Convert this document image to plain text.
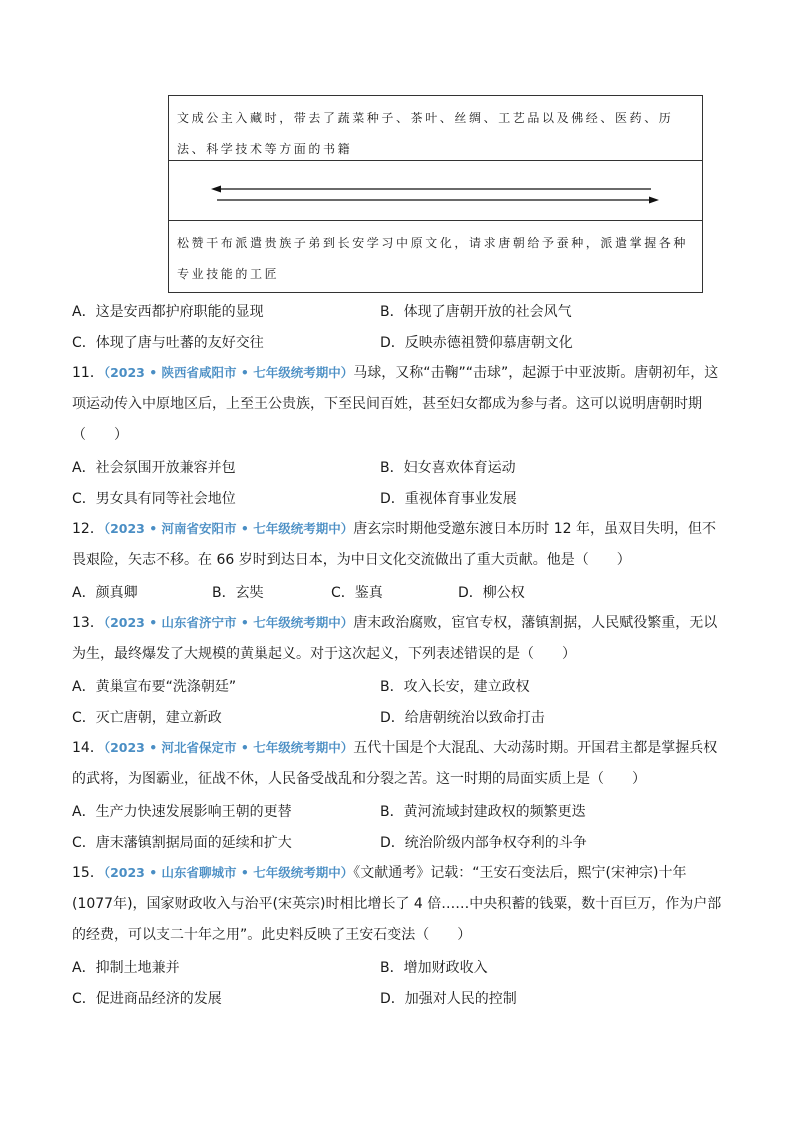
文成公主入藏时，带去了蔬菜种子、茶叶、丝绸、工艺品以及佛经、医药、历法、科学技术等方面的书籍
松赞干布派遣贵族子弟到长安学习中原文化，请求唐朝给予蚕种，派遣掌握各种专业技能的工匠
A．这是安西都护府职能的显现	B．体现了唐朝开放的社会风气
C．体现了唐与吐蕃的友好交往	D．反映赤德祖赞仰慕唐朝文化
11．（2023 • 陕西省咸阳市 • 七年级统考期中）马球，又称“击鞠”“击球”，起源于中亚波斯。唐朝初年，这项运动传入中原地区后，上至王公贵族，下至民间百姓，甚至妇女都成为参与者。这可以说明唐朝时期（　　）
A．社会氛围开放兼容并包	B．妇女喜欢体育运动
C．男女具有同等社会地位	D．重视体育事业发展
12．（2023 • 河南省安阳市 • 七年级统考期中）唐玄宗时期他受邀东渡日本历时 12 年，虽双目失明，但不畏艰险，矢志不移。在 66 岁时到达日本，为中日文化交流做出了重大贡献。他是（　　）
A．颜真卿	B．玄奘	C．鉴真	D．柳公权
13．（2023 • 山东省济宁市 • 七年级统考期中）唐末政治腐败，宦官专权，藩镇割据，人民赋役繁重，无以为生，最终爆发了大规模的黄巢起义。对于这次起义，下列表述错误的是（　　）
A．黄巢宣布要“洗涤朝廷”	B．攻入长安，建立政权
C．灭亡唐朝，建立新政	D．给唐朝统治以致命打击
14．（2023 • 河北省保定市 • 七年级统考期中）五代十国是个大混乱、大动荡时期。开国君主都是掌握兵权的武将，为图霸业，征战不休，人民备受战乱和分裂之苦。这一时期的局面实质上是（　　）
A．生产力快速发展影响王朝的更替	B．黄河流域封建政权的频繁更迭
C．唐末藩镇割据局面的延续和扩大	D．统治阶级内部争权夺利的斗争
15．（2023 • 山东省聊城市 • 七年级统考期中）《文献通考》记载：“王安石变法后，熙宁(宋神宗)十年(1077年)，国家财政收入与治平(宋英宗)时相比增长了 4 倍……中央积蓄的钱粟，数十百巨万，作为户部的经费，可以支二十年之用”。此史料反映了王安石变法（　　）
A．抑制土地兼并	B．增加财政收入
C．促进商品经济的发展	D．加强对人民的控制
